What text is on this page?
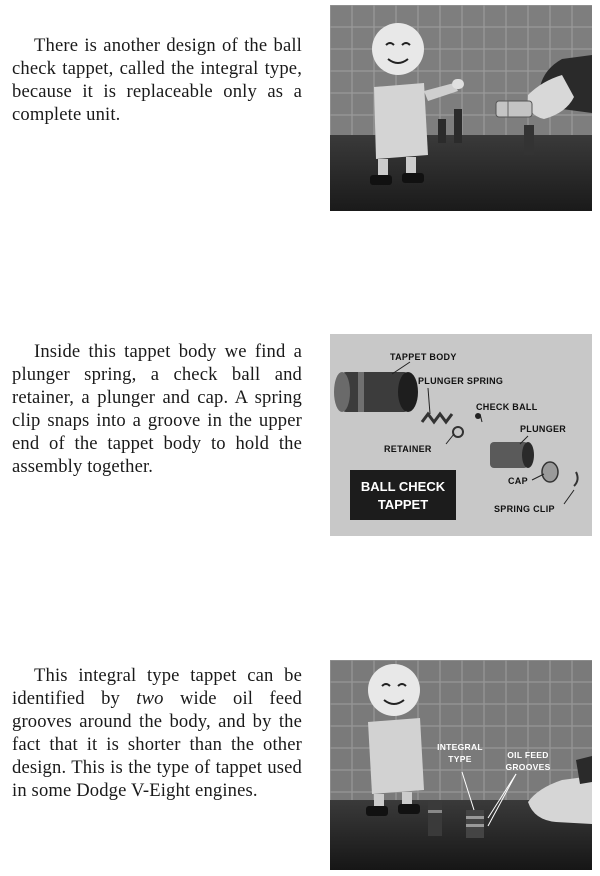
There is another design of the ball check tappet, called the integral type, because it is replaceable only as a complete unit.

Inside this tappet body we find a plunger spring, a check ball and retainer, a plunger and cap. A spring clip snaps into a groove in the upper end of the tappet body to hold the assembly together.

TAPPET BODY
PLUNGER SPRING
CHECK BALL
RETAINER
PLUNGER
CAP
SPRING CLIP
BALL CHECK
TAPPET

This integral type tappet can be identified by two wide oil feed grooves around the body, and by the fact that it is shorter than the other design. This is the type of tappet used in some Dodge V-Eight engines.

INTEGRAL
TYPE	OIL FEED
GROOVES
